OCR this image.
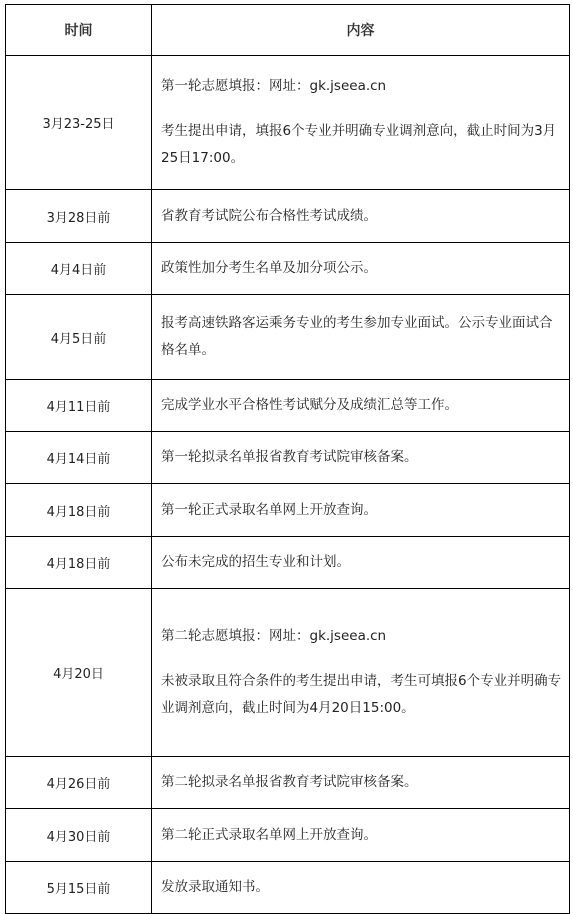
时间	内容
3月23-25日	第一轮志愿填报：网址：gk.jseea.cn

考生提出申请，填报6个专业并明确专业调剂意向，截止时间为3月25日17:00。

3月28日前	省教育考试院公布合格性考试成绩。

4月4日前	政策性加分考生名单及加分项公示。

4月5日前	报考高速铁路客运乘务专业的考生参加专业面试。公示专业面试合格名单。

4月11日前	完成学业水平合格性考试赋分及成绩汇总等工作。

4月14日前	第一轮拟录名单报省教育考试院审核备案。

4月18日前	第一轮正式录取名单网上开放查询。

4月18日前	公布未完成的招生专业和计划。

4月20日	第二轮志愿填报：网址：gk.jseea.cn

未被录取且符合条件的考生提出申请，考生可填报6个专业并明确专业调剂意向，截止时间为4月20日15:00。

4月26日前	第二轮拟录名单报省教育考试院审核备案。

4月30日前	第二轮正式录取名单网上开放查询。

5月15日前	发放录取通知书。
